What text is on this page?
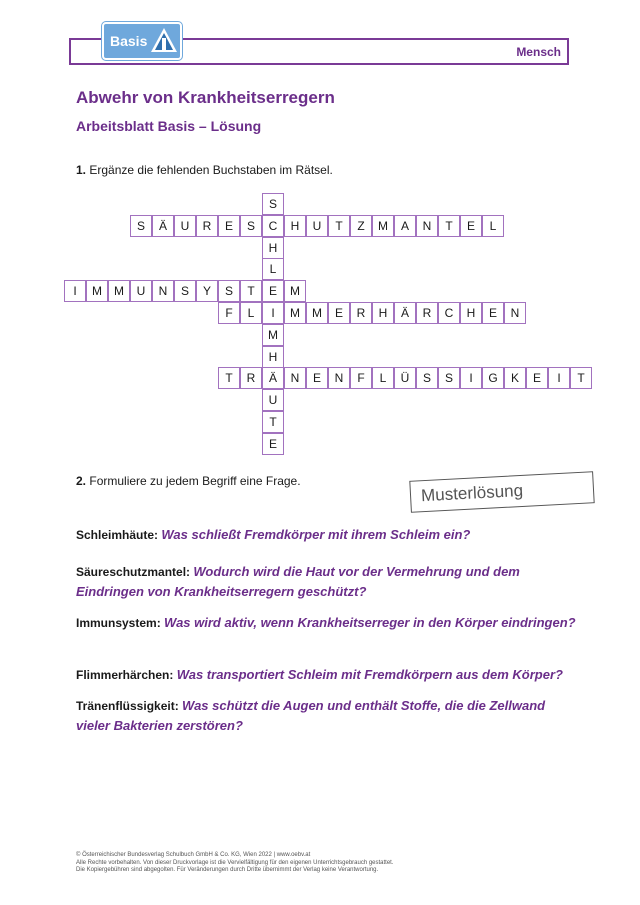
Mensch
Basis
Abwehr von Krankheitserregern
Arbeitsblatt Basis – Lösung
1. Ergänze die fehlenden Buchstaben im Rätsel.
S	Ä	U	R	E	S	C	H	U	T	Z	M	A	N	T	E	L
I	M	M	U	N	S	Y	S	T	E	M
F	L	I	M	M	E	R	H	Ä	R	C	H	E	N
T	R	Ä	N	E	N	F	L	Ü	S	S	I	G	K	E	I	T
S
H
L
M
H
U
T
E
2. Formuliere zu jedem Begriff eine Frage.	Musterlösung
Schleimhäute: Was schließt Fremdkörper mit ihrem Schleim ein?
Säureschutzmantel: Wodurch wird die Haut vor der Vermehrung und dem Eindringen von Krankheitserregern geschützt?
Immunsystem: Was wird aktiv, wenn Krankheitserreger in den Körper eindringen?
Flimmerhärchen: Was transportiert Schleim mit Fremdkörpern aus dem Körper?
Tränenflüssigkeit: Was schützt die Augen und enthält Stoffe, die die Zellwand vieler Bakterien zerstören?
© Österreichischer Bundesverlag Schulbuch GmbH & Co. KG, Wien 2022 | www.oebv.at
Alle Rechte vorbehalten. Von dieser Druckvorlage ist die Vervielfältigung für den eigenen Unterrichtsgebrauch gestattet.
Die Kopiergebühren sind abgegolten. Für Veränderungen durch Dritte übernimmt der Verlag keine Verantwortung.
